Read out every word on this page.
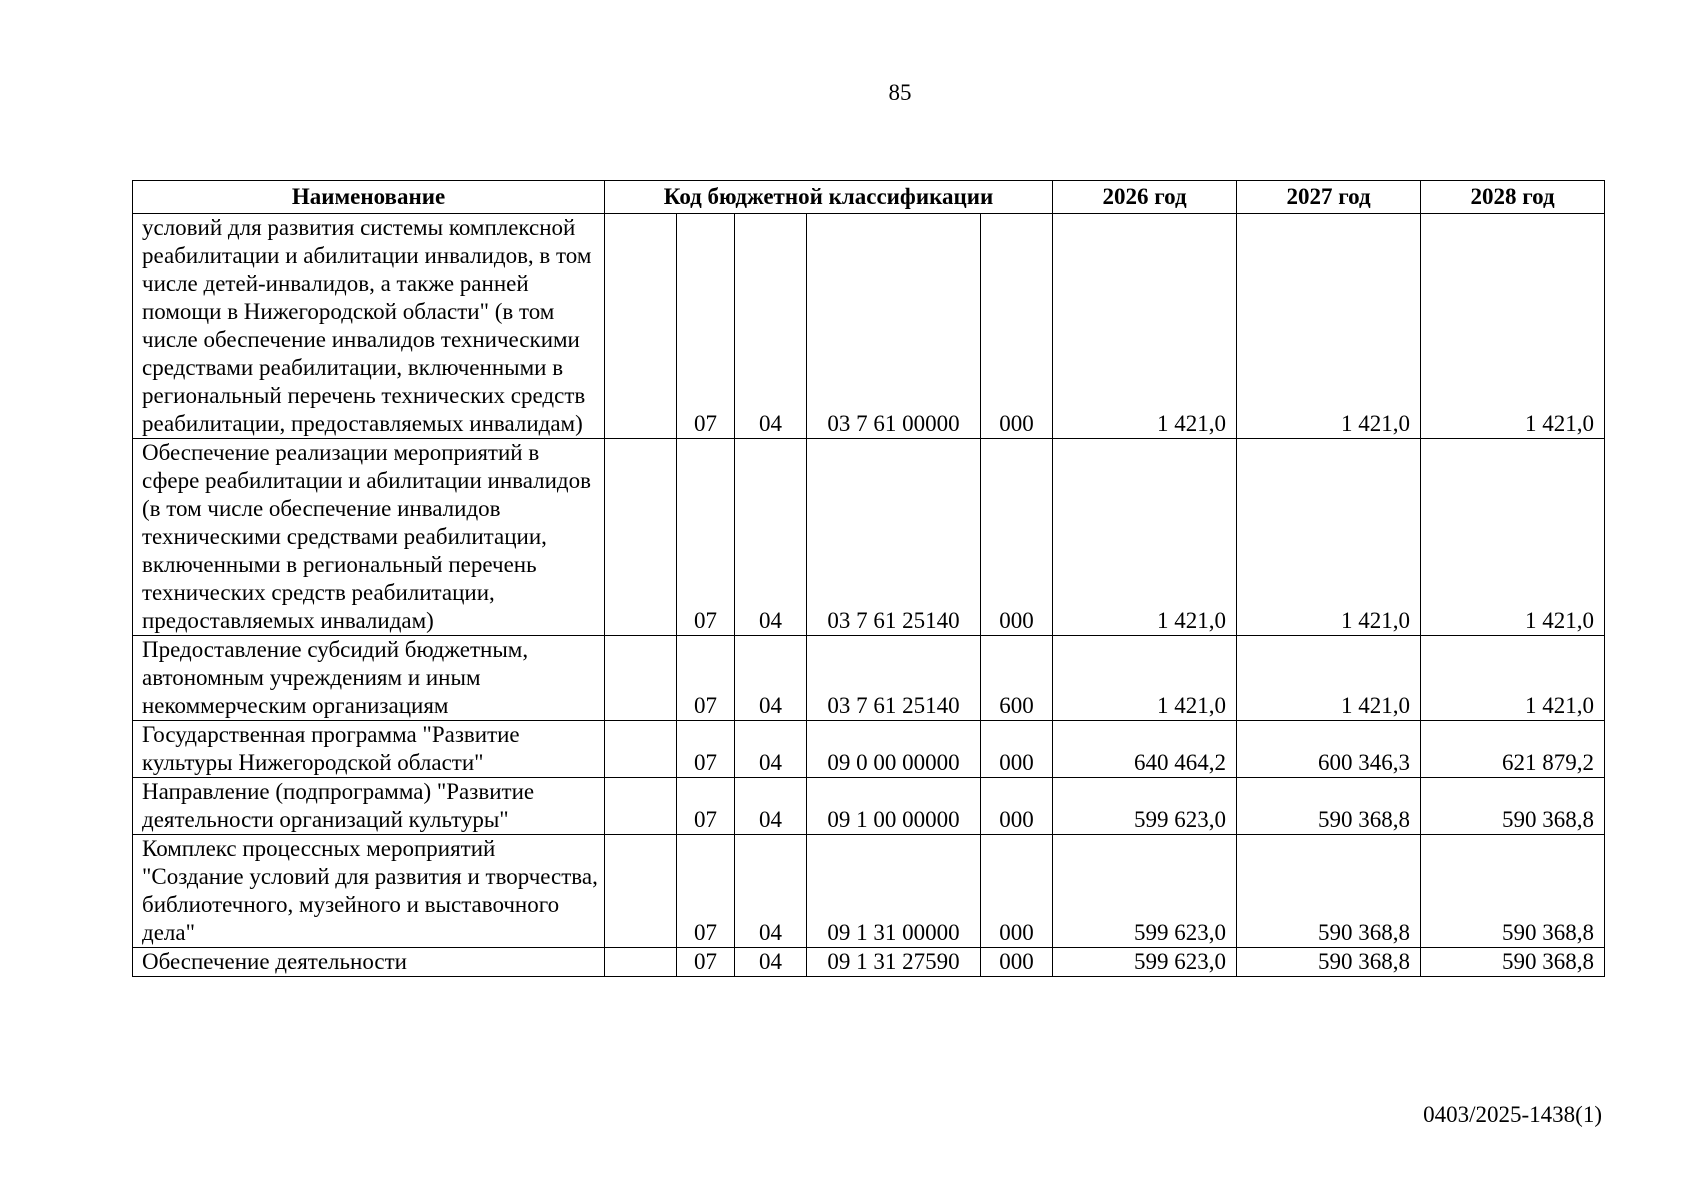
85
Наименование	Код бюджетной классификации					2026 год	2027 год	2028 год
условий для развития системы комплексной реабилитации и абилитации инвалидов, в том числе детей-инвалидов, а также ранней помощи в Нижегородской области" (в том числе обеспечение инвалидов техническими средствами реабилитации, включенными в региональный перечень технических средств реабилитации, предоставляемых инвалидам)		07	04	03 7 61 00000	000	1 421,0	1 421,0	1 421,0
Обеспечение реализации мероприятий в сфере реабилитации и абилитации инвалидов (в том числе обеспечение инвалидов техническими средствами реабилитации, включенными в региональный перечень технических средств реабилитации, предоставляемых инвалидам)		07	04	03 7 61 25140	000	1 421,0	1 421,0	1 421,0
Предоставление субсидий бюджетным, автономным учреждениям и иным некоммерческим организациям		07	04	03 7 61 25140	600	1 421,0	1 421,0	1 421,0
Государственная программа "Развитие культуры Нижегородской области"		07	04	09 0 00 00000	000	640 464,2	600 346,3	621 879,2
Направление (подпрограмма) "Развитие деятельности организаций культуры"		07	04	09 1 00 00000	000	599 623,0	590 368,8	590 368,8
Комплекс процессных мероприятий "Создание условий для развития и творчества, библиотечного, музейного и выставочного дела"		07	04	09 1 31 00000	000	599 623,0	590 368,8	590 368,8
Обеспечение деятельности		07	04	09 1 31 27590	000	599 623,0	590 368,8	590 368,8
0403/2025-1438(1)
